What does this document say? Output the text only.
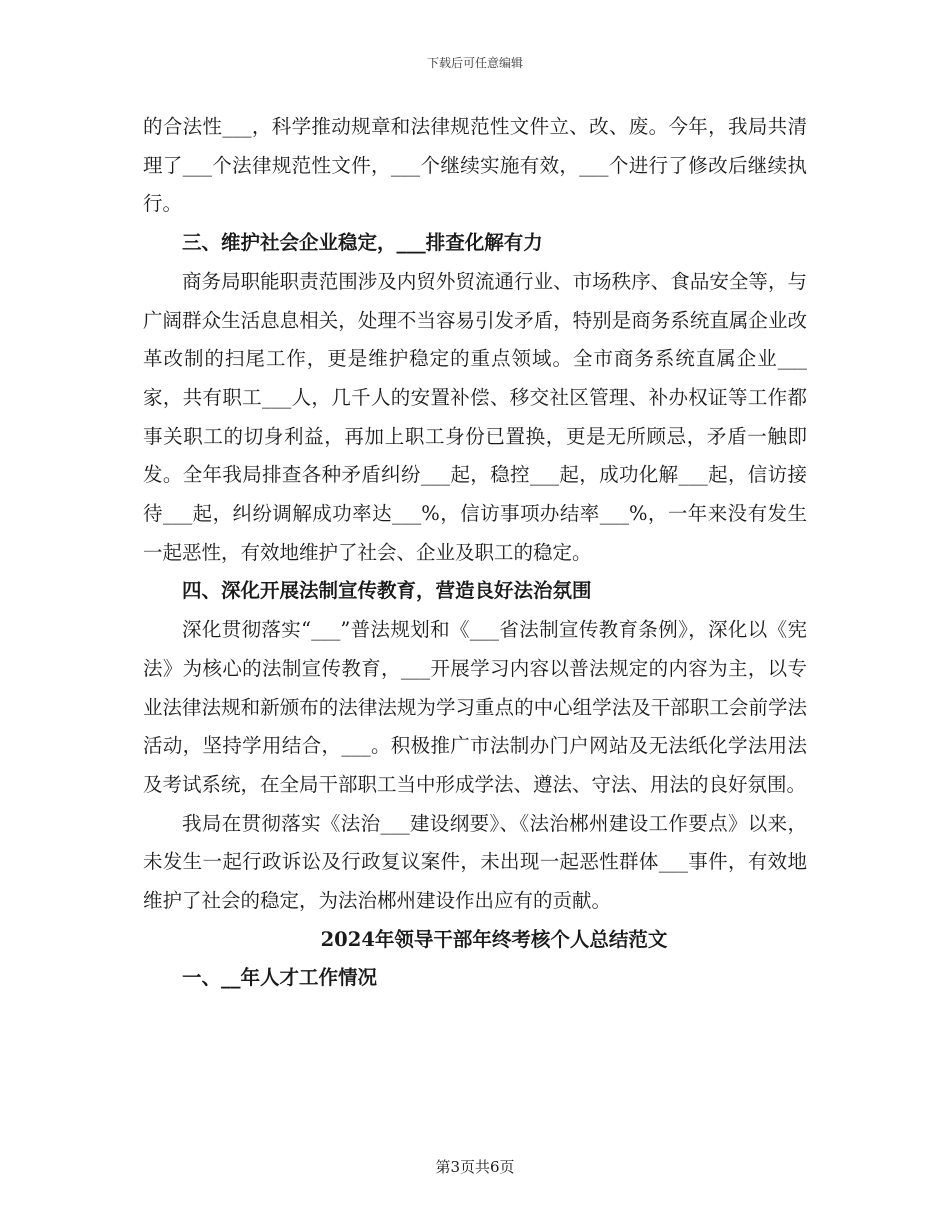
下载后可任意编辑

的合法性___，科学推动规章和法律规范性文件立、改、废。今年，我局共清理了___个法律规范性文件，___个继续实施有效，___个进行了修改后继续执行。

三、维护社会企业稳定，___排查化解有力

商务局职能职责范围涉及内贸外贸流通行业、市场秩序、食品安全等，与广阔群众生活息息相关，处理不当容易引发矛盾，特别是商务系统直属企业改革改制的扫尾工作，更是维护稳定的重点领域。全市商务系统直属企业___家，共有职工___人，几千人的安置补偿、移交社区管理、补办权证等工作都事关职工的切身利益，再加上职工身份已置换，更是无所顾忌，矛盾一触即发。全年我局排查各种矛盾纠纷___起，稳控___起，成功化解___起，信访接待___起，纠纷调解成功率达___%，信访事项办结率___%，一年来没有发生一起恶性，有效地维护了社会、企业及职工的稳定。

四、深化开展法制宣传教育，营造良好法治氛围

深化贯彻落实“___”普法规划和《___省法制宣传教育条例》，深化以《宪法》为核心的法制宣传教育，___开展学习内容以普法规定的内容为主，以专业法律法规和新颁布的法律法规为学习重点的中心组学法及干部职工会前学法活动，坚持学用结合，___。积极推广市法制办门户网站及无法纸化学法用法及考试系统，在全局干部职工当中形成学法、遵法、守法、用法的良好氛围。

我局在贯彻落实《法治___建设纲要》、《法治郴州建设工作要点》以来，未发生一起行政诉讼及行政复议案件，未出现一起恶性群体___事件，有效地维护了社会的稳定，为法治郴州建设作出应有的贡献。

2024年领导干部年终考核个人总结范文

一、__年人才工作情况

第3页共6页
